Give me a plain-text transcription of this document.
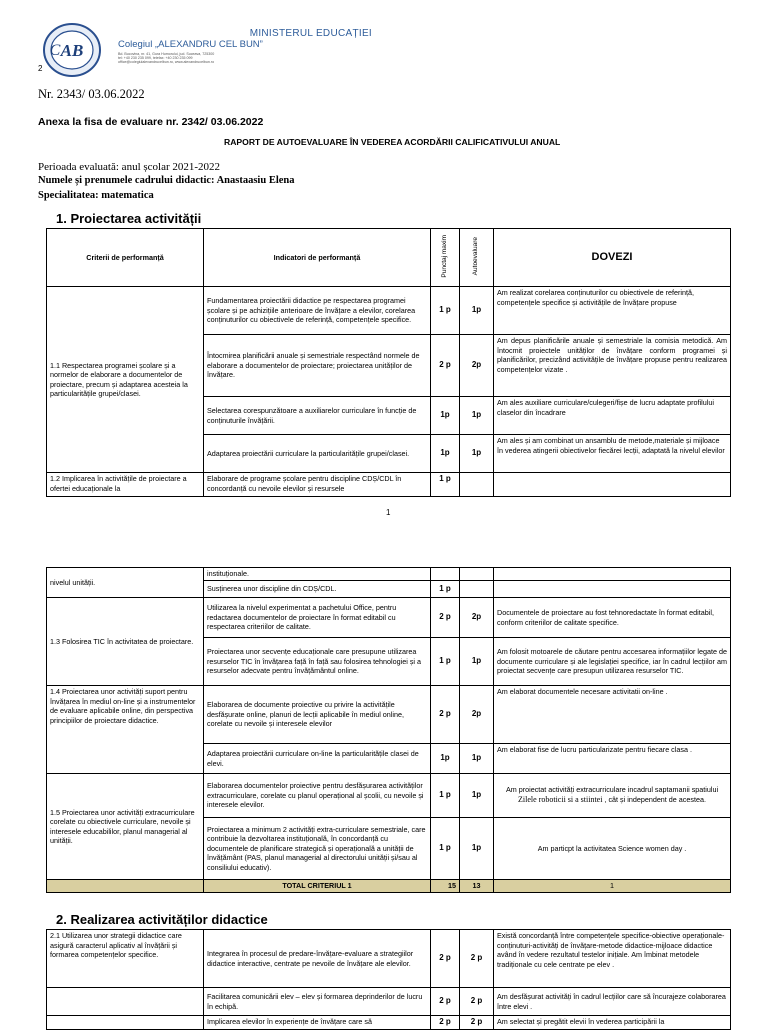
AB
C
2
MINISTERUL EDUCAȚIEI
Colegiul „ALEXANDRU CEL BUN”
Bd. Bucovina, nr. 41, Gura Humorului, jud. Suceava, 725300
tel: +40 230 235 099, telefax: +40 230 235 099
office@colegiulalexandrucelbun.ro, www.alexandrucelbun.ro
Nr. 2343/ 03.06.2022
Anexa la fisa de evaluare nr. 2342/ 03.06.2022
RAPORT DE AUTOEVALUARE ÎN VEDEREA ACORDĂRII CALIFICATIVULUI ANUAL
Perioada evaluată: anul școlar 2021-2022
Numele și prenumele cadrului didactic: Anastaasiu Elena
Specialitatea: matematica
1. Proiectarea activității
Criterii de performanță	Indicatori de performanță	Punctaj maxim	Autoevaluare	DOVEZI
1.1 Respectarea programei școlare și a normelor de elaborare a documentelor de proiectare, precum și adaptarea acesteia la particularitățile grupei/clasei.	Fundamentarea proiectării didactice pe respectarea programei școlare și pe achizițiile anterioare de învățare a elevilor, corelarea conținuturilor cu obiectivele de referință, competențele specifice.	1 p	1p	Am realizat corelarea conținuturilor cu obiectivele de referință, competențele specifice și activitățile de învățare propuse
	Întocmirea planificării anuale și semestriale respectând normele de elaborare a documentelor de proiectare; proiectarea unităților de învățare.	2 p	2p	Am depus planificările anuale și semestriale la comisia metodică. Am întocmit proiectele unităților de învățare conform programei și planificărilor, precizând activitățile de învățare propuse pentru realizarea competențelor vizate .
	Selectarea corespunzătoare a auxiliarelor curriculare în funcție de conținuturile învățării.	1p	1p	Am ales auxiliare curriculare/culegeri/fișe de lucru adaptate profilului claselor din încadrare
	Adaptarea proiectării curriculare la particularitățile grupei/clasei.	1p	1p	Am ales și am combinat un ansamblu de metode,materiale și mijloace în vederea atingerii obiectivelor fiecărei lecții, adaptată la nivelul elevilor
1.2 Implicarea în activitățile de proiectare a ofertei educaționale la	Elaborare de programe școlare pentru discipline CDȘ/CDL în concordanță cu nevoile elevilor și resursele	1 p		
1
nivelul unității.	instituționale.			
	Susținerea unor discipline din CDȘ/CDL.	1 p		
1.3 Folosirea TIC în activitatea de proiectare.	Utilizarea la nivelul experimentat a pachetului Office, pentru redactarea documentelor de proiectare în format editabil cu respectarea criteriilor de calitate.	2 p	2p	Documentele de proiectare au fost tehnoredactate în format editabil, conform criteriilor de calitate specifice.
	Proiectarea unor secvențe educaționale care presupune utilizarea resurselor TIC în învățarea față în față sau folosirea tehnologiei și a resurselor adecvate pentru învățământul online.	1 p	1p	Am folosit motoarele de căutare pentru accesarea informațiilor legate de documente curriculare și ale legislației specifice, iar în cadrul lecțiilor am proiectat secvențe care presupun utilizarea resurselor TIC.
1.4 Proiectarea unor activități suport pentru învățarea în mediul on-line și a instrumentelor de evaluare aplicabile online, din perspectiva principiilor de proiectare didactice.	Elaborarea de documente proiective cu privire la activitățile desfășurate online, planuri de lecții aplicabile în mediul online, corelate cu nevoile și interesele elevilor	2 p	2p	Am elaborat documentele necesare activitatii on-line .
	Adaptarea proiectării curriculare on-line la particularitățile clasei de elevi.	1p	1p	Am elaborat fise de lucru particularizate pentru fiecare clasa .
1.5 Proiectarea unor activități extracurriculare corelate cu obiectivele curriculare, nevoile și interesele educabililor, planul managerial al unității.	Elaborarea documentelor proiective pentru desfășurarea activităților extracurriculare, corelate cu planul operațional al școlii, cu nevoile și interesele elevilor.	1 p	1p	Am proiectat activități extracurriculare incadrul saptamanii spatiului Zilele roboticii si a stiintei , cât și independent de acestea.
	Proiectarea a minimum 2 activități extra-curriculare semestriale, care contribuie la dezvoltarea instituțională, în concordanță cu documentele de planificare strategică și operațională a unității de învățământ (PAS, planul managerial al directorului unității și/sau al consiliului educativ).	1 p	1p	Am particpt la activitatea Science women day .
	TOTAL CRITERIUL 1	15	13	1
2. Realizarea activităților didactice
2.1 Utilizarea unor strategii didactice care asigură caracterul aplicativ al învățării și formarea competențelor specifice.	Integrarea în procesul de predare-învățare-evaluare a strategiilor didactice interactive, centrate pe nevoile de învățare ale elevilor.	2 p	2 p	Există concordanță între competențele specifice-obiective operaționale-conținuturi-activități de învățare-metode didactice-mijloace didactice având în vedere rezultatul testelor inițiale. Am îmbinat metodele tradiționale cu cele centrate pe elev .
	Facilitarea comunicării elev – elev și formarea deprinderilor de lucru în echipă.	2 p	2 p	Am desfășurat activități în cadrul lecțiilor care să încurajeze colaborarea între elevi .
	Implicarea elevilor în experiențe de învățare care să	2 p	2 p	Am selectat și pregătit elevii în vederea participării la
